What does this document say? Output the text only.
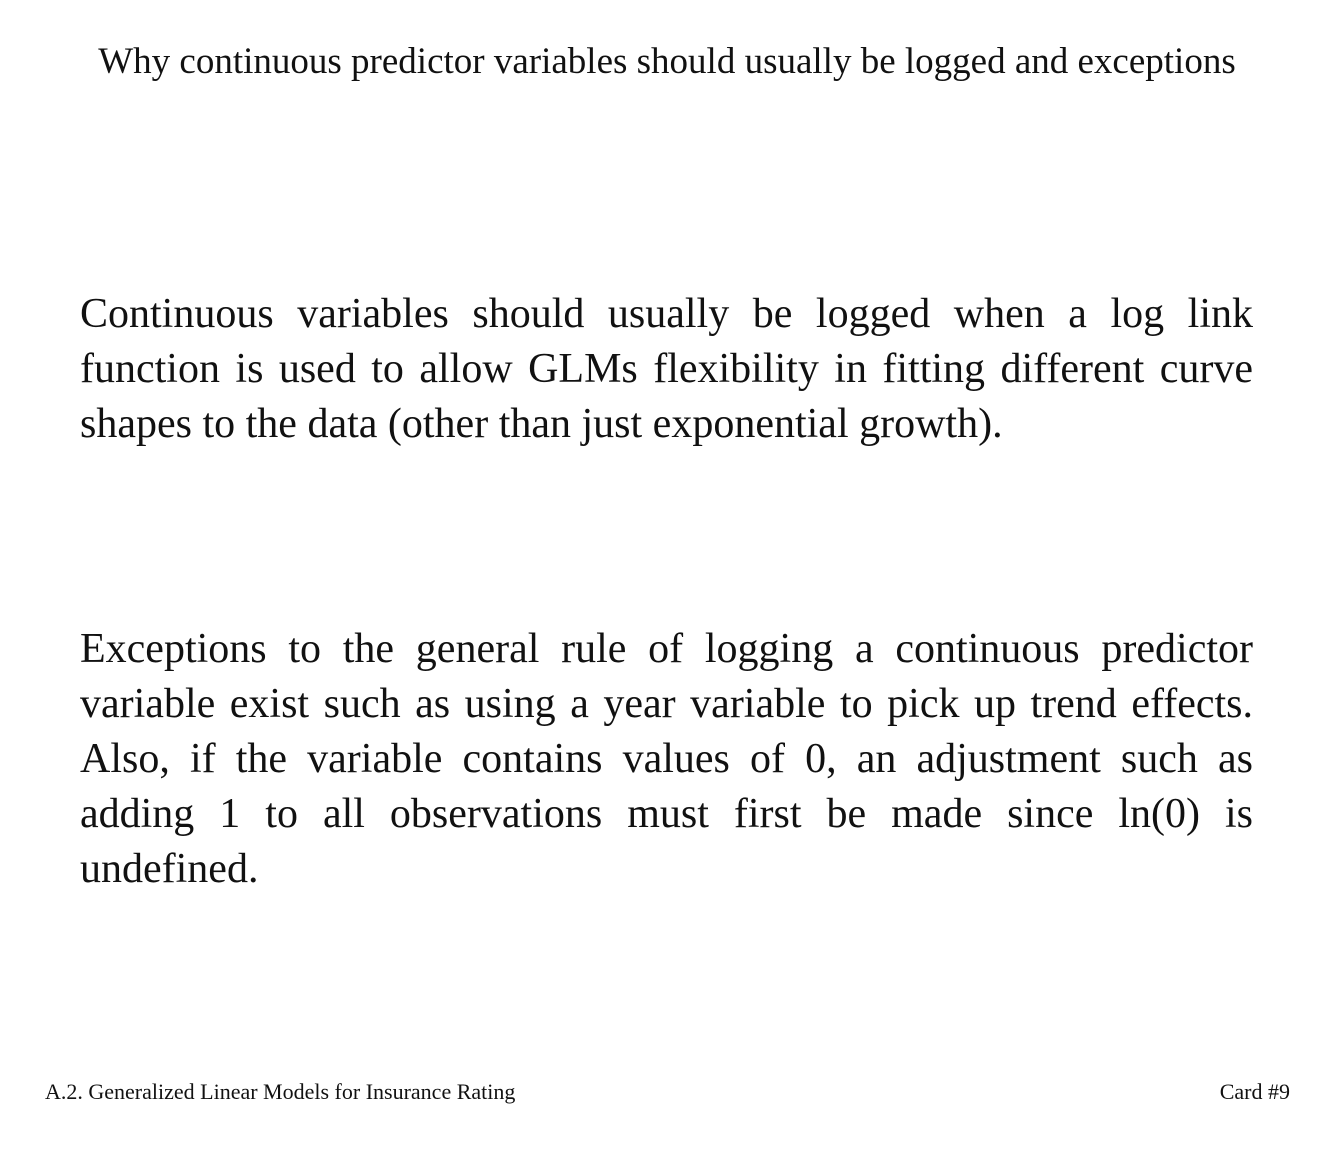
Why continuous predictor variables should usually be logged and exceptions

Continuous variables should usually be logged when a log link function is used to allow GLMs flexibility in fitting different curve shapes to the data (other than just exponential growth).

Exceptions to the general rule of logging a continuous predictor variable exist such as using a year variable to pick up trend effects. Also, if the variable contains values of 0, an adjustment such as adding 1 to all observations must first be made since ln(0) is undefined.

A.2. Generalized Linear Models for Insurance Rating	Card #9
